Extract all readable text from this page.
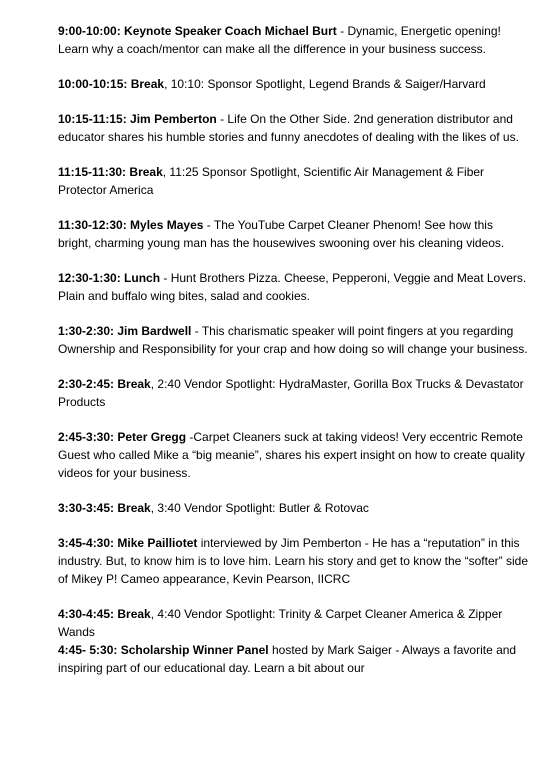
9:00-10:00: Keynote Speaker Coach Michael Burt - Dynamic, Energetic opening! Learn why a coach/mentor can make all the difference in your business success.

10:00-10:15: Break, 10:10: Sponsor Spotlight, Legend Brands & Saiger/Harvard

10:15-11:15: Jim Pemberton - Life On the Other Side. 2nd generation distributor and educator shares his humble stories and funny anecdotes of dealing with the likes of us.

11:15-11:30: Break, 11:25 Sponsor Spotlight, Scientific Air Management & Fiber Protector America

11:30-12:30: Myles Mayes - The YouTube Carpet Cleaner Phenom! See how this bright, charming young man has the housewives swooning over his cleaning videos.

12:30-1:30: Lunch - Hunt Brothers Pizza. Cheese, Pepperoni, Veggie and Meat Lovers. Plain and buffalo wing bites, salad and cookies.

1:30-2:30: Jim Bardwell - This charismatic speaker will point fingers at you regarding Ownership and Responsibility for your crap and how doing so will change your business.

2:30-2:45: Break, 2:40 Vendor Spotlight: HydraMaster, Gorilla Box Trucks & Devastator Products

2:45-3:30: Peter Gregg -Carpet Cleaners suck at taking videos! Very eccentric Remote Guest who called Mike a “big meanie”, shares his expert insight on how to create quality videos for your business.

3:30-3:45: Break, 3:40 Vendor Spotlight: Butler & Rotovac

3:45-4:30: Mike Pailliotet interviewed by Jim Pemberton - He has a “reputation” in this industry. But, to know him is to love him. Learn his story and get to know the “softer” side of Mikey P! Cameo appearance, Kevin Pearson, IICRC

4:30-4:45: Break, 4:40 Vendor Spotlight: Trinity & Carpet Cleaner America & Zipper Wands

4:45- 5:30: Scholarship Winner Panel hosted by Mark Saiger - Always a favorite and inspiring part of our educational day. Learn a bit about our
